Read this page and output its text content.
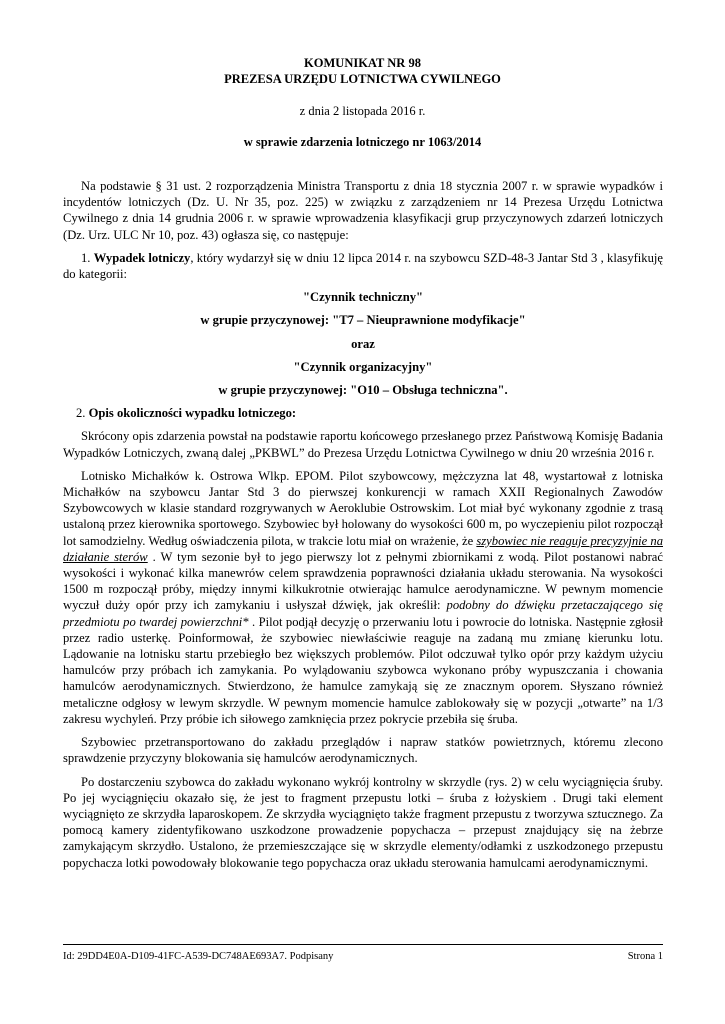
KOMUNIKAT NR 98
PREZESA URZĘDU LOTNICTWA CYWILNEGO
z dnia 2 listopada 2016 r.
w sprawie zdarzenia lotniczego nr 1063/2014

Na podstawie § 31 ust. 2 rozporządzenia Ministra Transportu z dnia 18 stycznia 2007 r. w sprawie wypadków i incydentów lotniczych (Dz. U. Nr 35, poz. 225) w związku z zarządzeniem nr 14 Prezesa Urzędu Lotnictwa Cywilnego z dnia 14 grudnia 2006 r. w sprawie wprowadzenia klasyfikacji grup przyczynowych zdarzeń lotniczych (Dz. Urz. ULC Nr 10, poz. 43) ogłasza się, co następuje:

1. Wypadek lotniczy, który wydarzył się w dniu 12 lipca 2014 r. na szybowcu SZD-48-3 Jantar Std 3 , klasyfikuję do kategorii:

"Czynnik techniczny"

w grupie przyczynowej: "T7 – Nieuprawnione modyfikacje"

oraz

"Czynnik organizacyjny"

w grupie przyczynowej: "O10 – Obsługa techniczna".

2. Opis okoliczności wypadku lotniczego:

Skrócony opis zdarzenia powstał na podstawie raportu końcowego przesłanego przez Państwową Komisję Badania Wypadków Lotniczych, zwaną dalej „PKBWL” do Prezesa Urzędu Lotnictwa Cywilnego w dniu 20 września 2016 r.

Lotnisko Michałków k. Ostrowa Wlkp. EPOM. Pilot szybowcowy, mężczyzna lat 48, wystartował z lotniska Michałków na szybowcu Jantar Std 3 do pierwszej konkurencji w ramach XXII Regionalnych Zawodów Szybowcowych w klasie standard rozgrywanych w Aeroklubie Ostrowskim. Lot miał być wykonany zgodnie z trasą ustaloną przez kierownika sportowego. Szybowiec był holowany do wysokości 600 m, po wyczepieniu pilot rozpoczął lot samodzielny. Według oświadczenia pilota, w trakcie lotu miał on wrażenie, że szybowiec nie reaguje precyzyjnie na działanie sterów . W tym sezonie był to jego pierwszy lot z pełnymi zbiornikami z wodą. Pilot postanowi nabrać wysokości i wykonać kilka manewrów celem sprawdzenia poprawności działania układu sterowania. Na wysokości 1500 m rozpoczął próby, między innymi kilkukrotnie otwierając hamulce aerodynamiczne. W pewnym momencie wyczuł duży opór przy ich zamykaniu i usłyszał dźwięk, jak określił: podobny do dźwięku przetaczającego się przedmiotu po twardej powierzchni* . Pilot podjął decyzję o przerwaniu lotu i powrocie do lotniska. Następnie zgłosił przez radio usterkę. Poinformował, że szybowiec niewłaściwie reaguje na zadaną mu zmianę kierunku lotu. Lądowanie na lotnisku startu przebiegło bez większych problemów. Pilot odczuwał tylko opór przy każdym użyciu hamulców przy próbach ich zamykania. Po wylądowaniu szybowca wykonano próby wypuszczania i chowania hamulców aerodynamicznych. Stwierdzono, że hamulce zamykają się ze znacznym oporem. Słyszano również metaliczne odgłosy w lewym skrzydle. W pewnym momencie hamulce zablokowały się w pozycji „otwarte” na 1/3 zakresu wychyleń. Przy próbie ich siłowego zamknięcia przez pokrycie przebiła się śruba.

Szybowiec przetransportowano do zakładu przeglądów i napraw statków powietrznych, któremu zlecono sprawdzenie przyczyny blokowania się hamulców aerodynamicznych.

Po dostarczeniu szybowca do zakładu wykonano wykrój kontrolny w skrzydle (rys. 2) w celu wyciągnięcia śruby. Po jej wyciągnięciu okazało się, że jest to fragment przepustu lotki – śruba z łożyskiem . Drugi taki element wyciągnięto ze skrzydła laparoskopem. Ze skrzydła wyciągnięto także fragment przepustu z tworzywa sztucznego. Za pomocą kamery zidentyfikowano uszkodzone prowadzenie popychacza – przepust znajdujący się na żebrze zamykającym skrzydło. Ustalono, że przemieszczające się w skrzydle elementy/odłamki z uszkodzonego przepustu popychacza lotki powodowały blokowanie tego popychacza oraz układu sterowania hamulcami aerodynamicznymi.

Id: 29DD4E0A-D109-41FC-A539-DC748AE693A7. Podpisany	Strona 1
